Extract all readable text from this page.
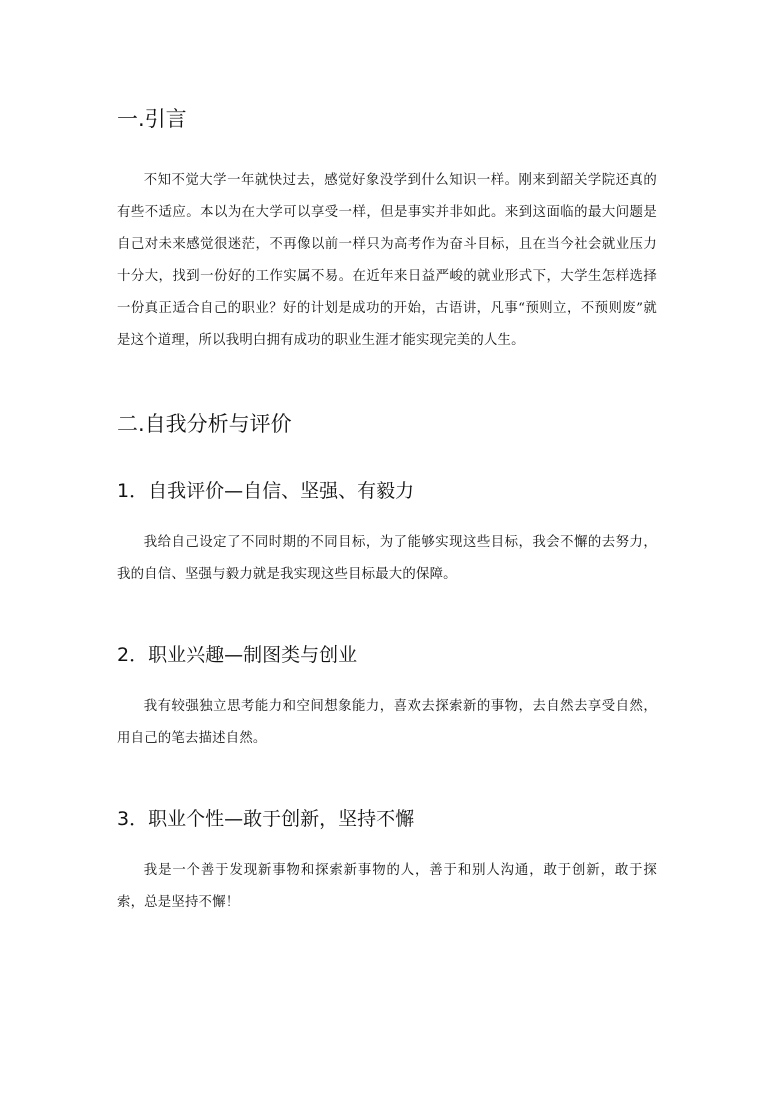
一.引言

不知不觉大学一年就快过去，感觉好象没学到什么知识一样。刚来到韶关学院还真的有些不适应。本以为在大学可以享受一样，但是事实并非如此。来到这面临的最大问题是自己对未来感觉很迷茫，不再像以前一样只为高考作为奋斗目标，且在当今社会就业压力十分大，找到一份好的工作实属不易。在近年来日益严峻的就业形式下，大学生怎样选择一份真正适合自己的职业？好的计划是成功的开始，古语讲，凡事“预则立，不预则废”就是这个道理，所以我明白拥有成功的职业生涯才能实现完美的人生。

二.自我分析与评价
1．自我评价—自信、坚强、有毅力

我给自己设定了不同时期的不同目标，为了能够实现这些目标，我会不懈的去努力，我的自信、坚强与毅力就是我实现这些目标最大的保障。

2．职业兴趣—制图类与创业

我有较强独立思考能力和空间想象能力，喜欢去探索新的事物，去自然去享受自然，用自己的笔去描述自然。

3．职业个性—敢于创新，坚持不懈

我是一个善于发现新事物和探索新事物的人，善于和别人沟通，敢于创新，敢于探索，总是坚持不懈！
